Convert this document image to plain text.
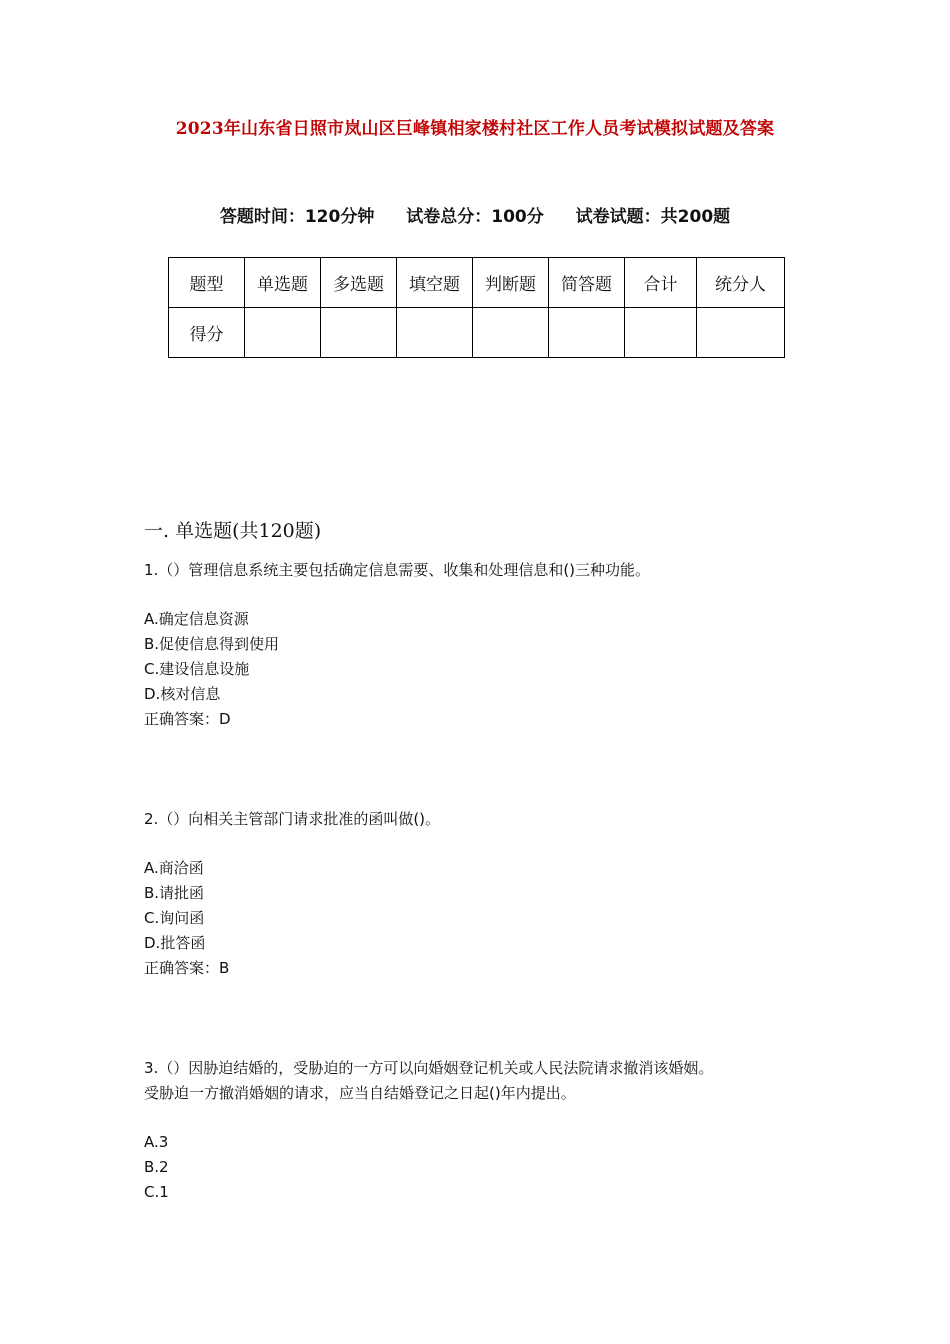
2023年山东省日照市岚山区巨峰镇相家楼村社区工作人员考试模拟试题及答案
答题时间：120分钟 试卷总分：100分 试卷试题：共200题
题型	单选题	多选题	填空题	判断题	简答题	合计	统分人
得分							
一. 单选题(共120题)
1.（）管理信息系统主要包括确定信息需要、收集和处理信息和()三种功能。
A.确定信息资源
B.促使信息得到使用
C.建设信息设施
D.核对信息
正确答案：D
2.（）向相关主管部门请求批准的函叫做()。
A.商洽函
B.请批函
C.询问函
D.批答函
正确答案：B
3.（）因胁迫结婚的，受胁迫的一方可以向婚姻登记机关或人民法院请求撤消该婚姻。
受胁迫一方撤消婚姻的请求，应当自结婚登记之日起()年内提出。
A.3
B.2
C.1
